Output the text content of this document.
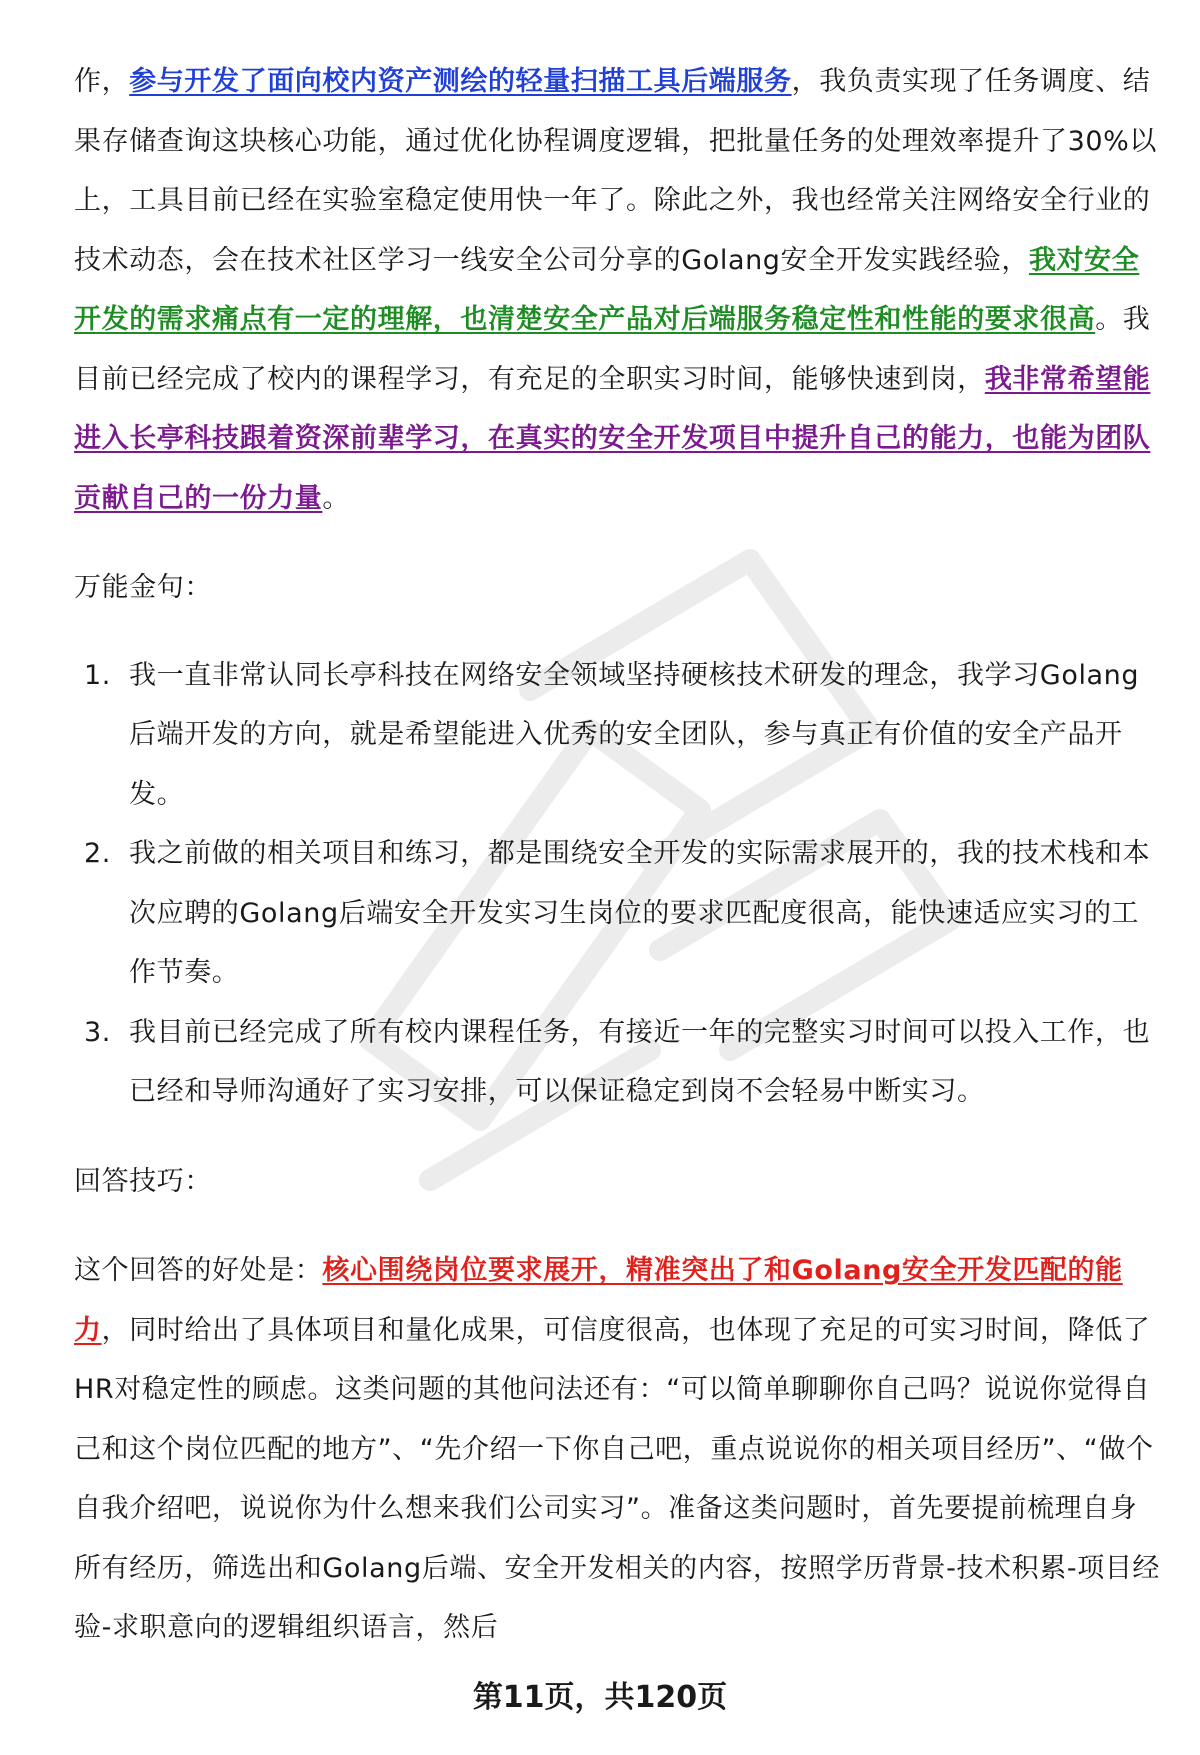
作，参与开发了面向校内资产测绘的轻量扫描工具后端服务，我负责实现了任务调度、结果存储查询这块核心功能，通过优化协程调度逻辑，把批量任务的处理效率提升了30%以上，工具目前已经在实验室稳定使用快一年了。除此之外，我也经常关注网络安全行业的技术动态，会在技术社区学习一线安全公司分享的Golang安全开发实践经验，我对安全开发的需求痛点有一定的理解，也清楚安全产品对后端服务稳定性和性能的要求很高。我目前已经完成了校内的课程学习，有充足的全职实习时间，能够快速到岗，我非常希望能进入长亭科技跟着资深前辈学习，在真实的安全开发项目中提升自己的能力，也能为团队贡献自己的一份力量。

万能金句：

1. 我一直非常认同长亭科技在网络安全领域坚持硬核技术研发的理念，我学习Golang后端开发的方向，就是希望能进入优秀的安全团队，参与真正有价值的安全产品开发。
2. 我之前做的相关项目和练习，都是围绕安全开发的实际需求展开的，我的技术栈和本次应聘的Golang后端安全开发实习生岗位的要求匹配度很高，能快速适应实习的工作节奏。
3. 我目前已经完成了所有校内课程任务，有接近一年的完整实习时间可以投入工作，也已经和导师沟通好了实习安排，可以保证稳定到岗不会轻易中断实习。

回答技巧：

这个回答的好处是：核心围绕岗位要求展开，精准突出了和Golang安全开发匹配的能力，同时给出了具体项目和量化成果，可信度很高，也体现了充足的可实习时间，降低了HR对稳定性的顾虑。这类问题的其他问法还有：“可以简单聊聊你自己吗？说说你觉得自己和这个岗位匹配的地方”、“先介绍一下你自己吧，重点说说你的相关项目经历”、“做个自我介绍吧，说说你为什么想来我们公司实习”。准备这类问题时，首先要提前梳理自身所有经历，筛选出和Golang后端、安全开发相关的内容，按照学历背景-技术积累-项目经验-求职意向的逻辑组织语言，然后

第11页，共120页
